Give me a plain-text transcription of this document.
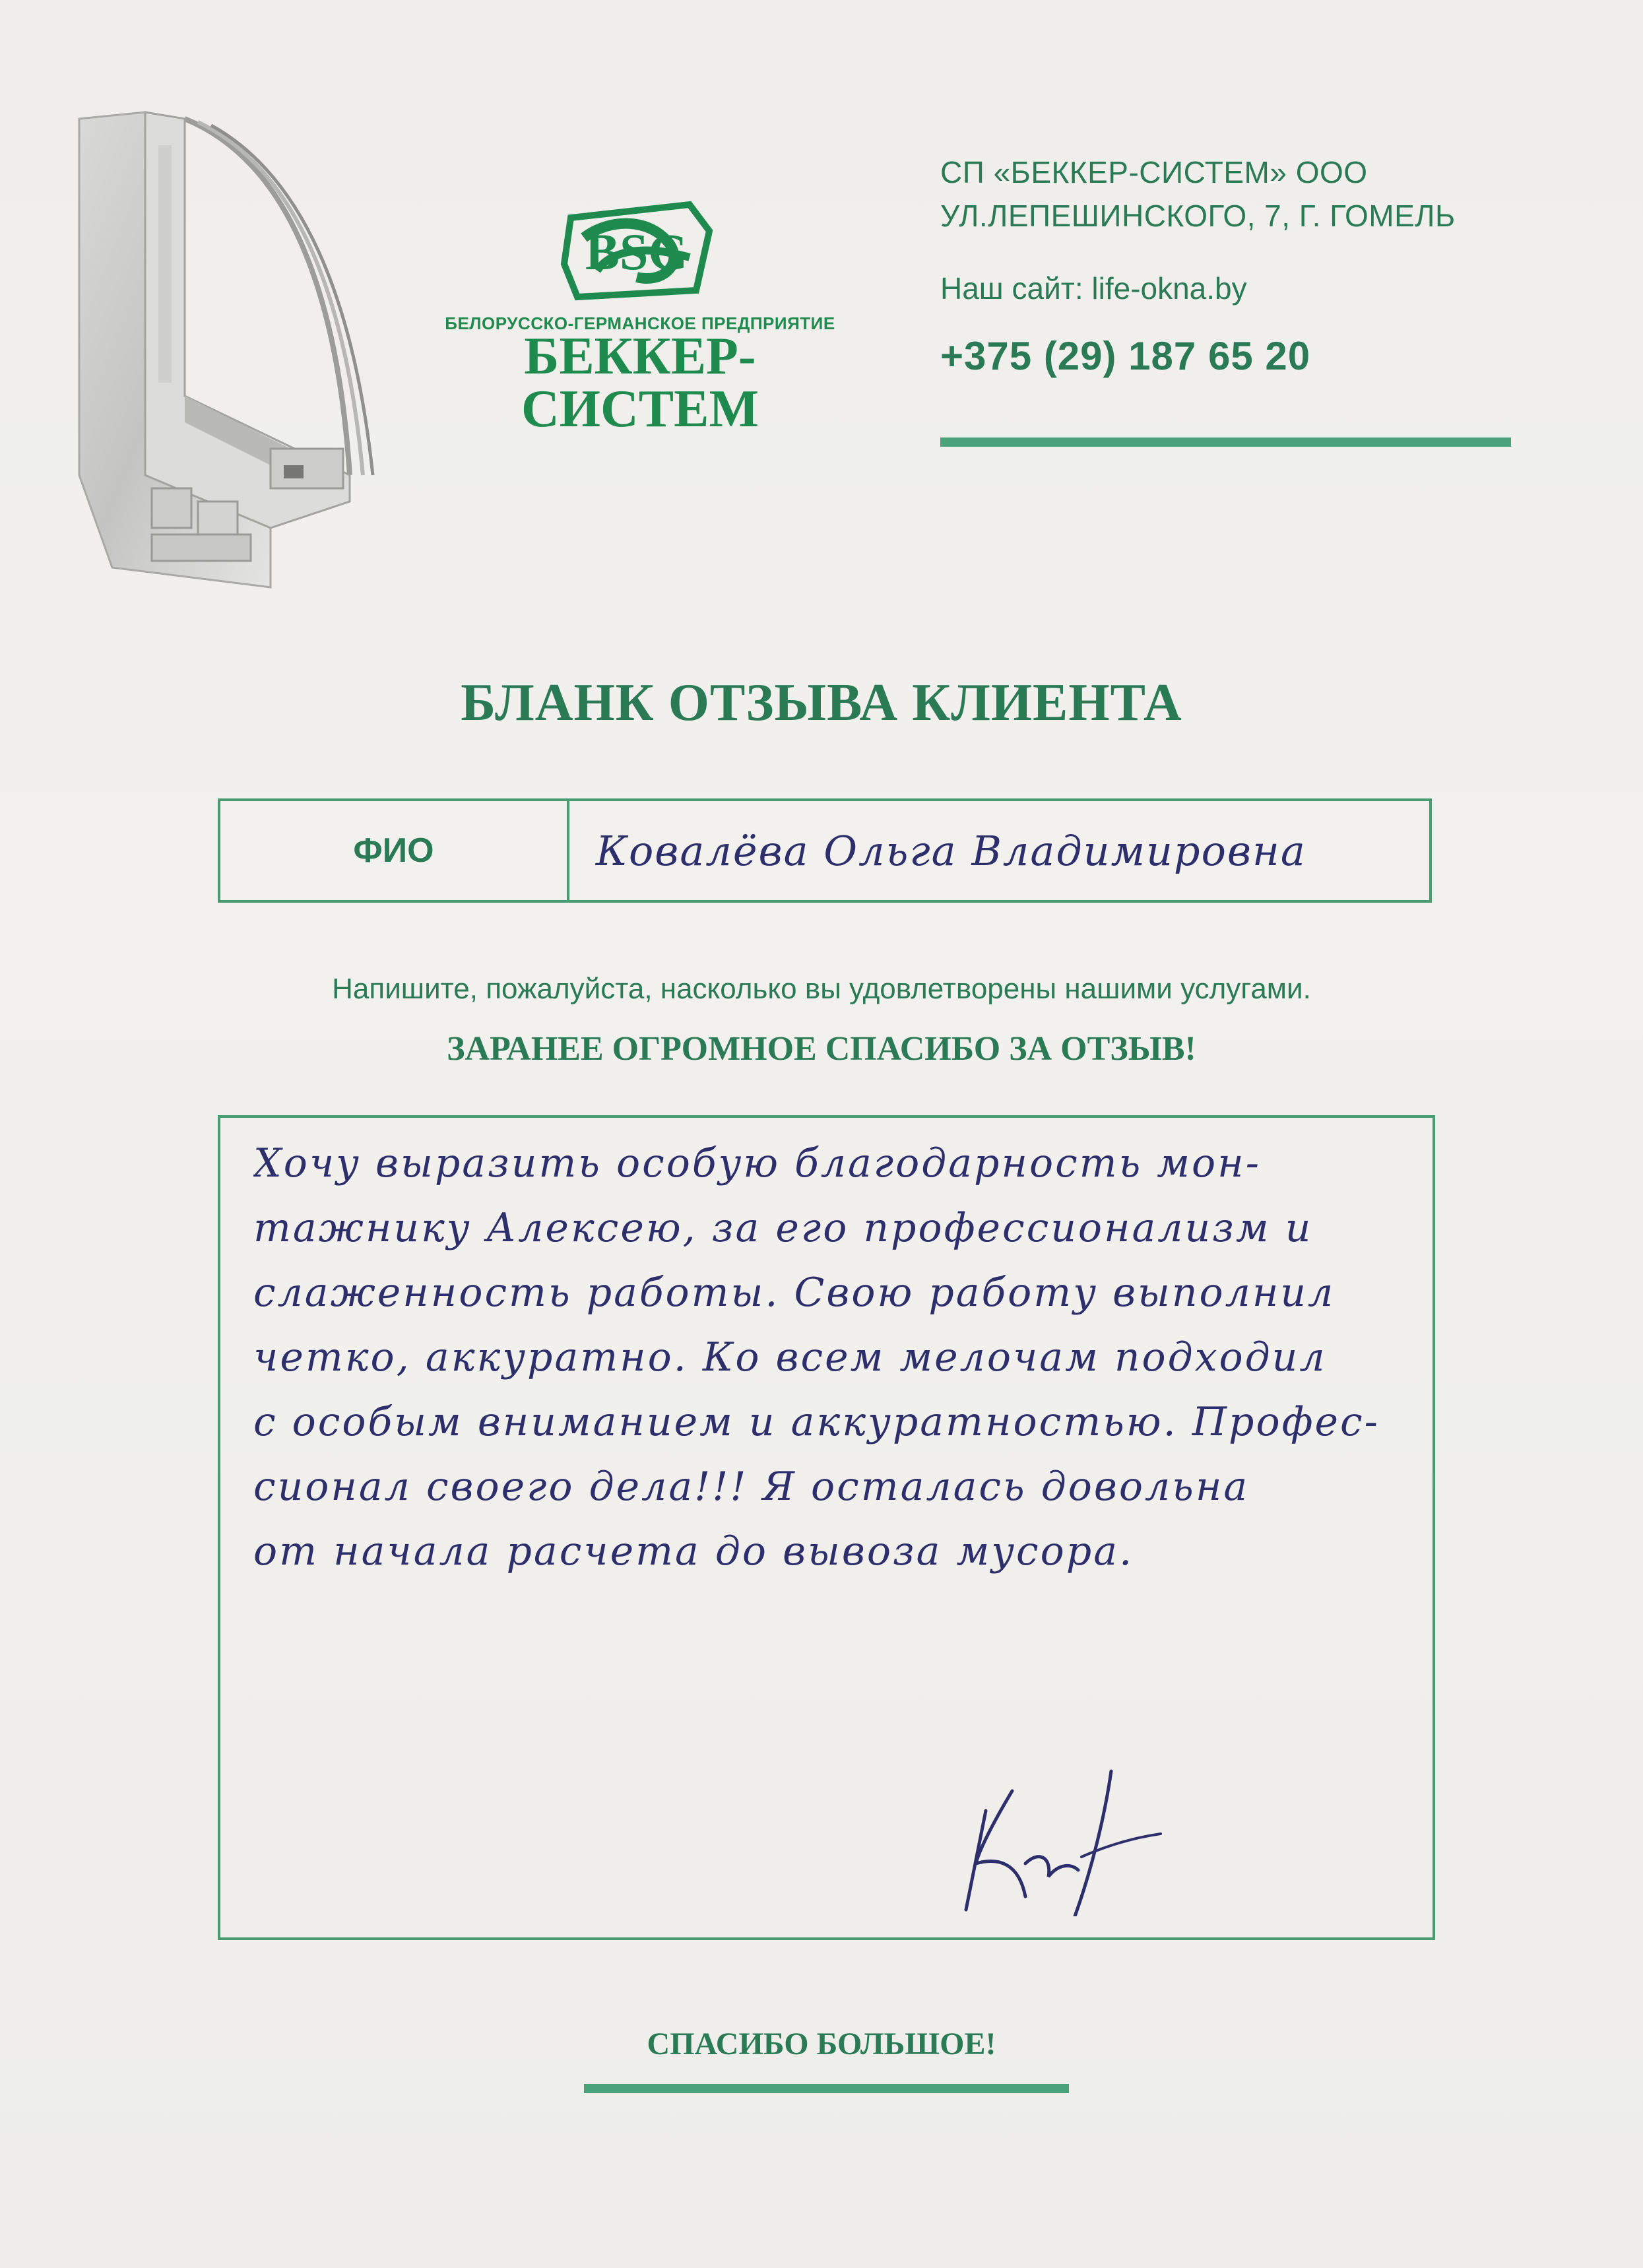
BSG
БЕЛОРУССКО-ГЕРМАНСКОЕ ПРЕДПРИЯТИЕ
БЕККЕР-СИСТЕМ
СП «БЕККЕР-СИСТЕМ» ООО
УЛ.ЛЕПЕШИНСКОГО, 7, Г. ГОМЕЛЬ
Наш сайт: life-okna.by
+375 (29) 187 65 20
БЛАНК ОТЗЫВА КЛИЕНТА
ФИО	Ковалёва Ольга Владимировна
Напишите, пожалуйста, насколько вы удовлетворены нашими услугами.
ЗАРАНЕЕ ОГРОМНОЕ СПАСИБО ЗА ОТЗЫВ!
Хочу выразить особую благодарность мон-
тажнику Алексею, за его профессионализм и
слаженность работы. Свою работу выполнил
четко, аккуратно. Ко всем мелочам подходил
с особым вниманием и аккуратностью. Профес-
сионал своего дела!!! Я осталась довольна
от начала расчета до вывоза мусора.
СПАСИБО БОЛЬШОЕ!
